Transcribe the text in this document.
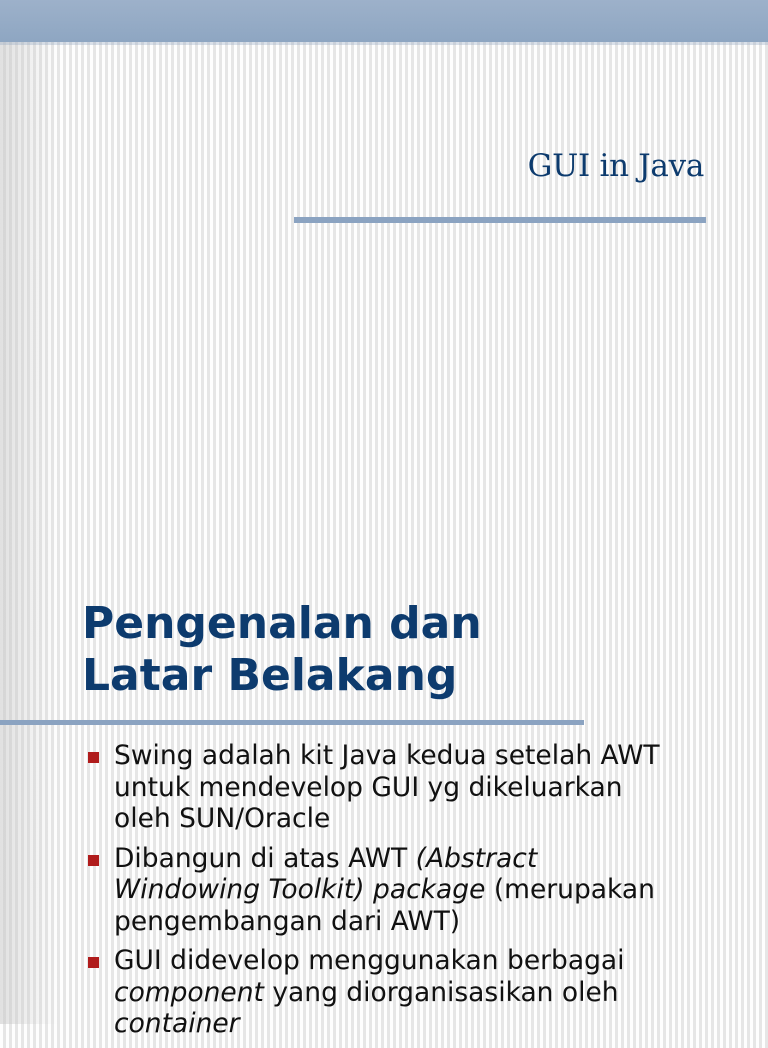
GUI in Java
Pengenalan dan
Latar Belakang
Swing adalah kit Java kedua setelah AWT
untuk mendevelop GUI yg dikeluarkan
oleh SUN/Oracle
Dibangun di atas AWT (Abstract
Windowing Toolkit) package (merupakan
pengembangan dari AWT)
GUI didevelop menggunakan berbagai
component yang diorganisasikan oleh
container
